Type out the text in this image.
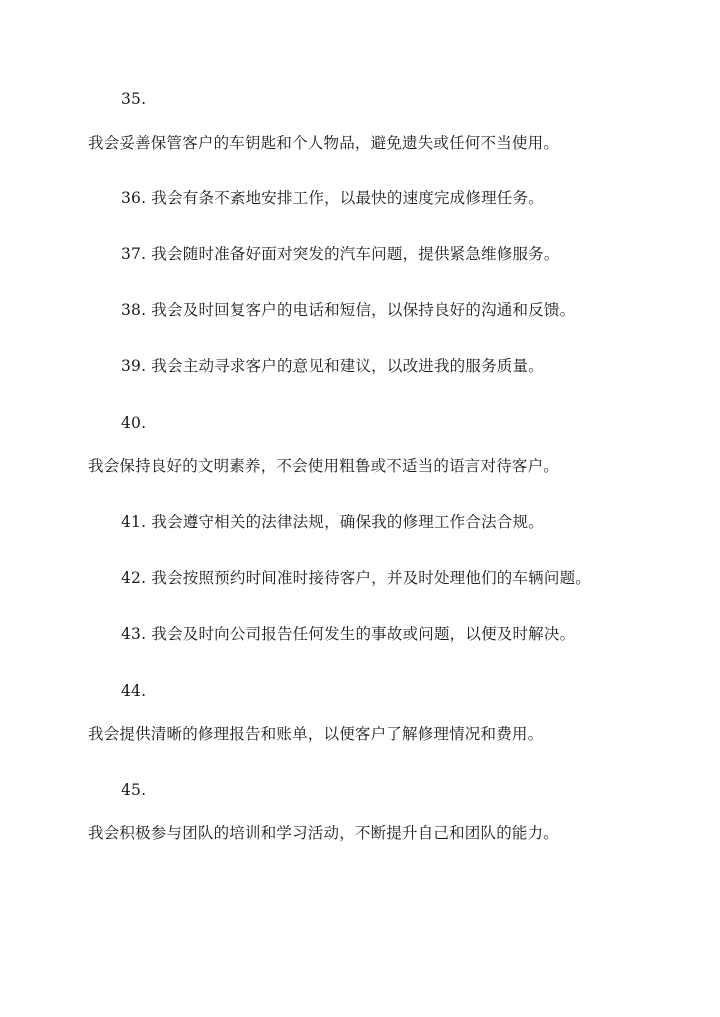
35.
我会妥善保管客户的车钥匙和个人物品，避免遗失或任何不当使用。
36. 我会有条不紊地安排工作，以最快的速度完成修理任务。
37. 我会随时准备好面对突发的汽车问题，提供紧急维修服务。
38. 我会及时回复客户的电话和短信，以保持良好的沟通和反馈。
39. 我会主动寻求客户的意见和建议，以改进我的服务质量。
40.
我会保持良好的文明素养，不会使用粗鲁或不适当的语言对待客户。
41. 我会遵守相关的法律法规，确保我的修理工作合法合规。
42. 我会按照预约时间准时接待客户，并及时处理他们的车辆问题。
43. 我会及时向公司报告任何发生的事故或问题，以便及时解决。
44.
我会提供清晰的修理报告和账单，以便客户了解修理情况和费用。
45.
我会积极参与团队的培训和学习活动，不断提升自己和团队的能力。
